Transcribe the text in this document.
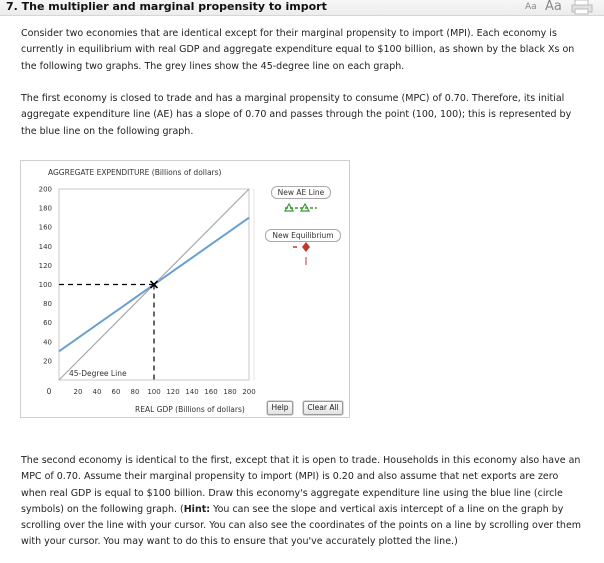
7. The multiplier and marginal propensity to import	Aa Aa
Consider two economies that are identical except for their marginal propensity to import (MPI). Each economy is currently in equilibrium with real GDP and aggregate expenditure equal to $100 billion, as shown by the black Xs on the following two graphs. The grey lines show the 45-degree line on each graph.
The first economy is closed to trade and has a marginal propensity to consume (MPC) of 0.70. Therefore, its initial aggregate expenditure line (AE) has a slope of 0.70 and passes through the point (100, 100); this is represented by the blue line on the following graph.
AGGREGATE EXPENDITURE (Billions of dollars)
20
40
60
80
100
120
140
160
180
200
20 40 60 80 100 120 140 160 180 200
0
45-Degree Line
REAL GDP (Billions of dollars)
New AE Line
New Equilibrium
Help	Clear All
The second economy is identical to the first, except that it is open to trade. Households in this economy also have an MPC of 0.70. Assume their marginal propensity to import (MPI) is 0.20 and also assume that net exports are zero when real GDP is equal to $100 billion. Draw this economy's aggregate expenditure line using the blue line (circle symbols) on the following graph. (Hint: You can see the slope and vertical axis intercept of a line on the graph by scrolling over the line with your cursor. You can also see the coordinates of the points on a line by scrolling over them with your cursor. You may want to do this to ensure that you've accurately plotted the line.)
